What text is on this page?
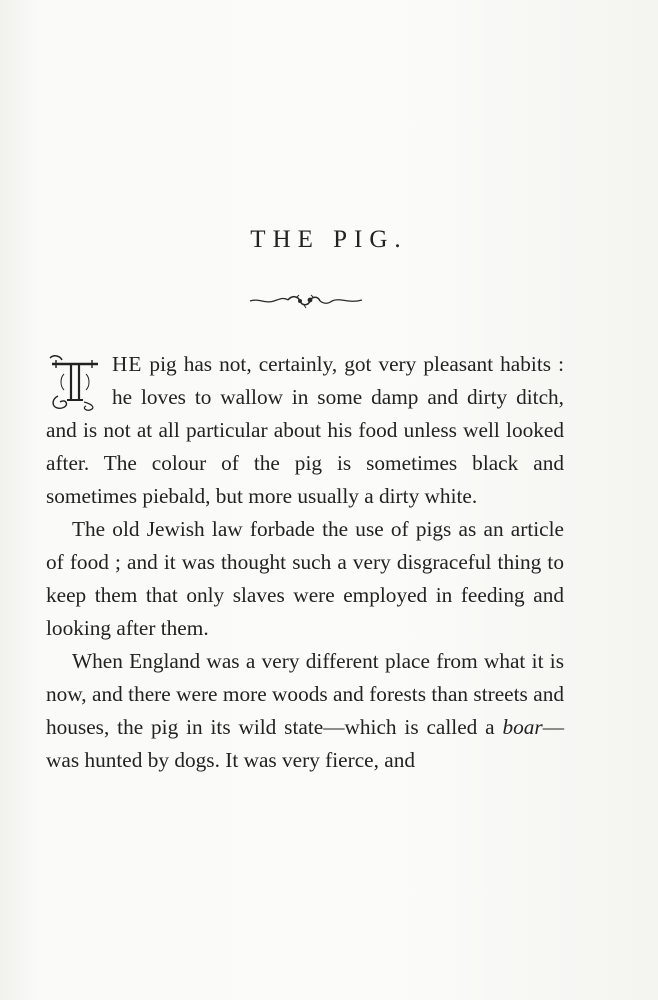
THE PIG.

HE pig has not, certainly, got very pleasant habits : he loves to wallow in some damp and dirty ditch, and is not at all particular about his food unless well looked after. The colour of the pig is sometimes black and sometimes piebald, but more usually a dirty white.

The old Jewish law forbade the use of pigs as an article of food ; and it was thought such a very disgraceful thing to keep them that only slaves were employed in feeding and looking after them.

When England was a very different place from what it is now, and there were more woods and forests than streets and houses, the pig in its wild state—which is called a boar—was hunted by dogs. It was very fierce, and
